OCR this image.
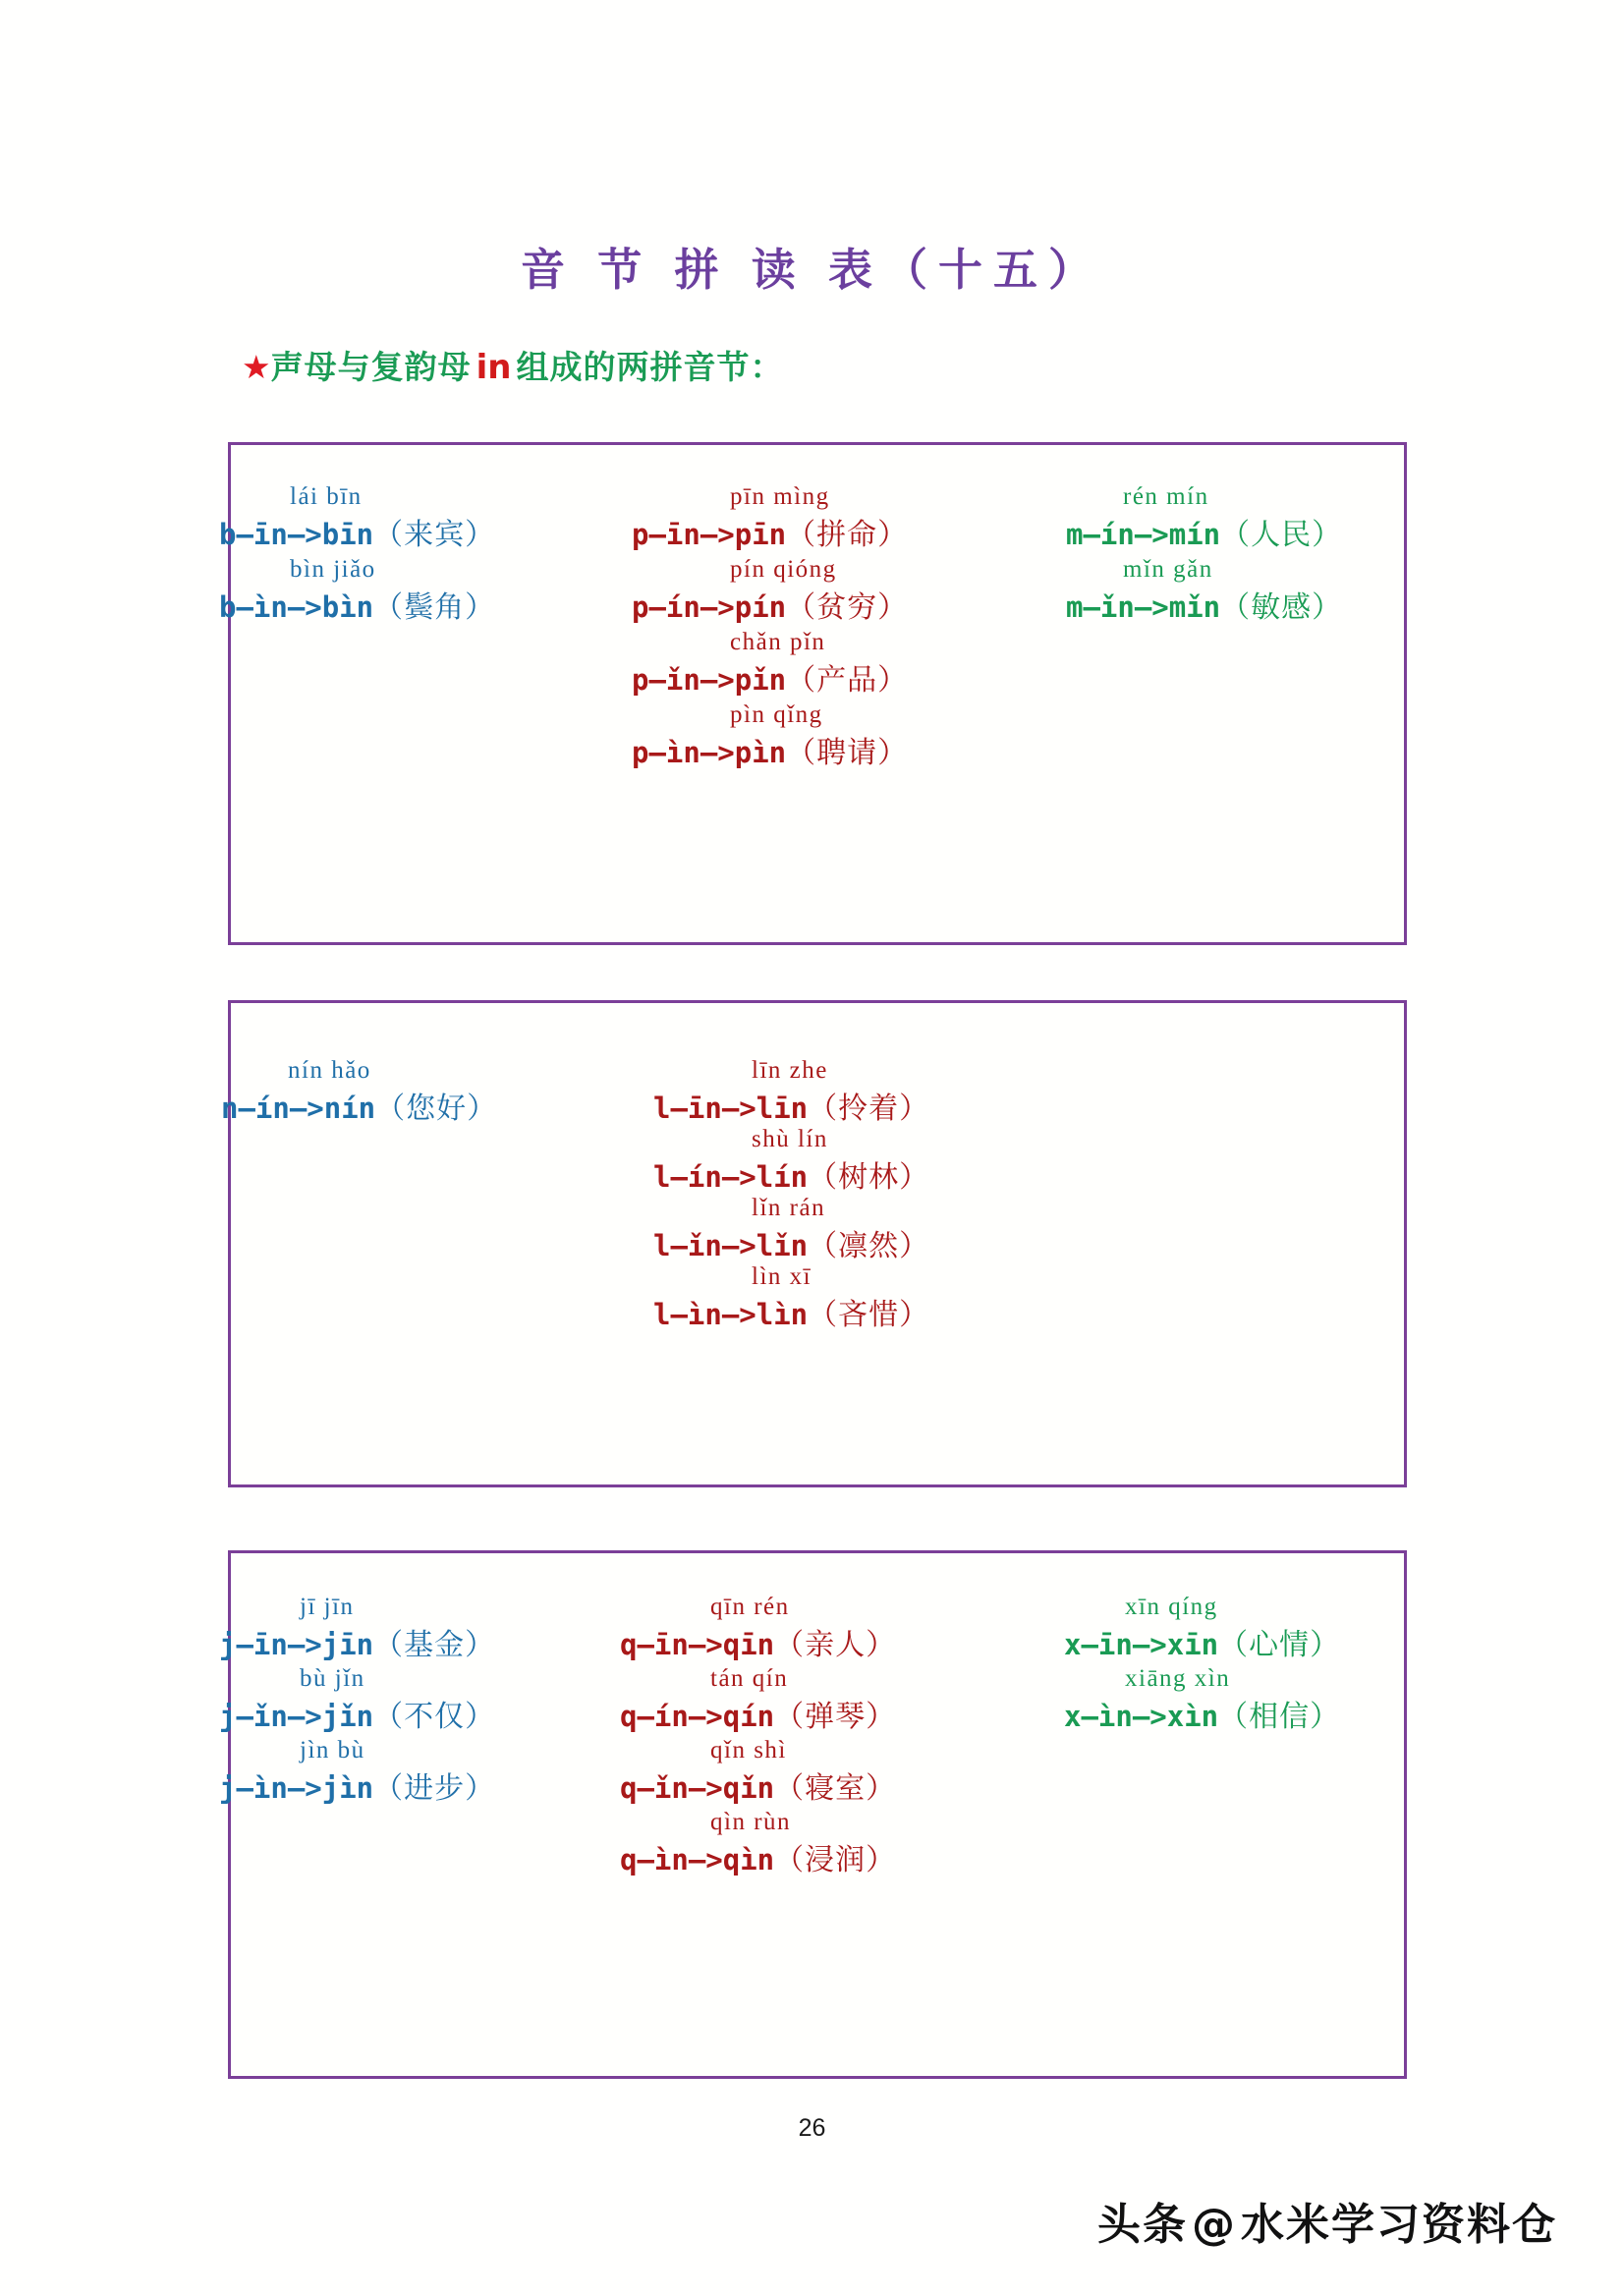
音 节 拼 读 表（十五）
★声母与复韵母 in 组成的两拼音节：
lái bīn
b—īn—>bīn（来宾）
bìn jiǎo
b—ìn—>bìn（鬓角）
pīn mìng
p—īn—>pīn（拼命）
pín qióng
p—ín—>pín（贫穷）
chǎn pǐn
p—ǐn—>pǐn（产品）
pìn qǐng
p—ìn—>pìn（聘请）
rén mín
m—ín—>mín（人民）
mǐn gǎn
m—ǐn—>mǐn（敏感）
nín hǎo
n—ín—>nín（您好）
līn zhe
l—īn—>līn（拎着）
shù lín
l—ín—>lín（树林）
lǐn rán
l—ǐn—>lǐn（凛然）
lìn xī
l—ìn—>lìn（吝惜）
jī jīn
j—īn—>jīn（基金）
bù jǐn
j—ǐn—>jǐn（不仅）
jìn bù
j—ìn—>jìn（进步）
qīn rén
q—īn—>qīn（亲人）
tán qín
q—ín—>qín（弹琴）
qǐn shì
q—ǐn—>qǐn（寝室）
qìn rùn
q—ìn—>qìn（浸润）
xīn qíng
x—īn—>xīn（心情）
xiāng xìn
x—ìn—>xìn（相信）
26
头条@水米学习资料仓
